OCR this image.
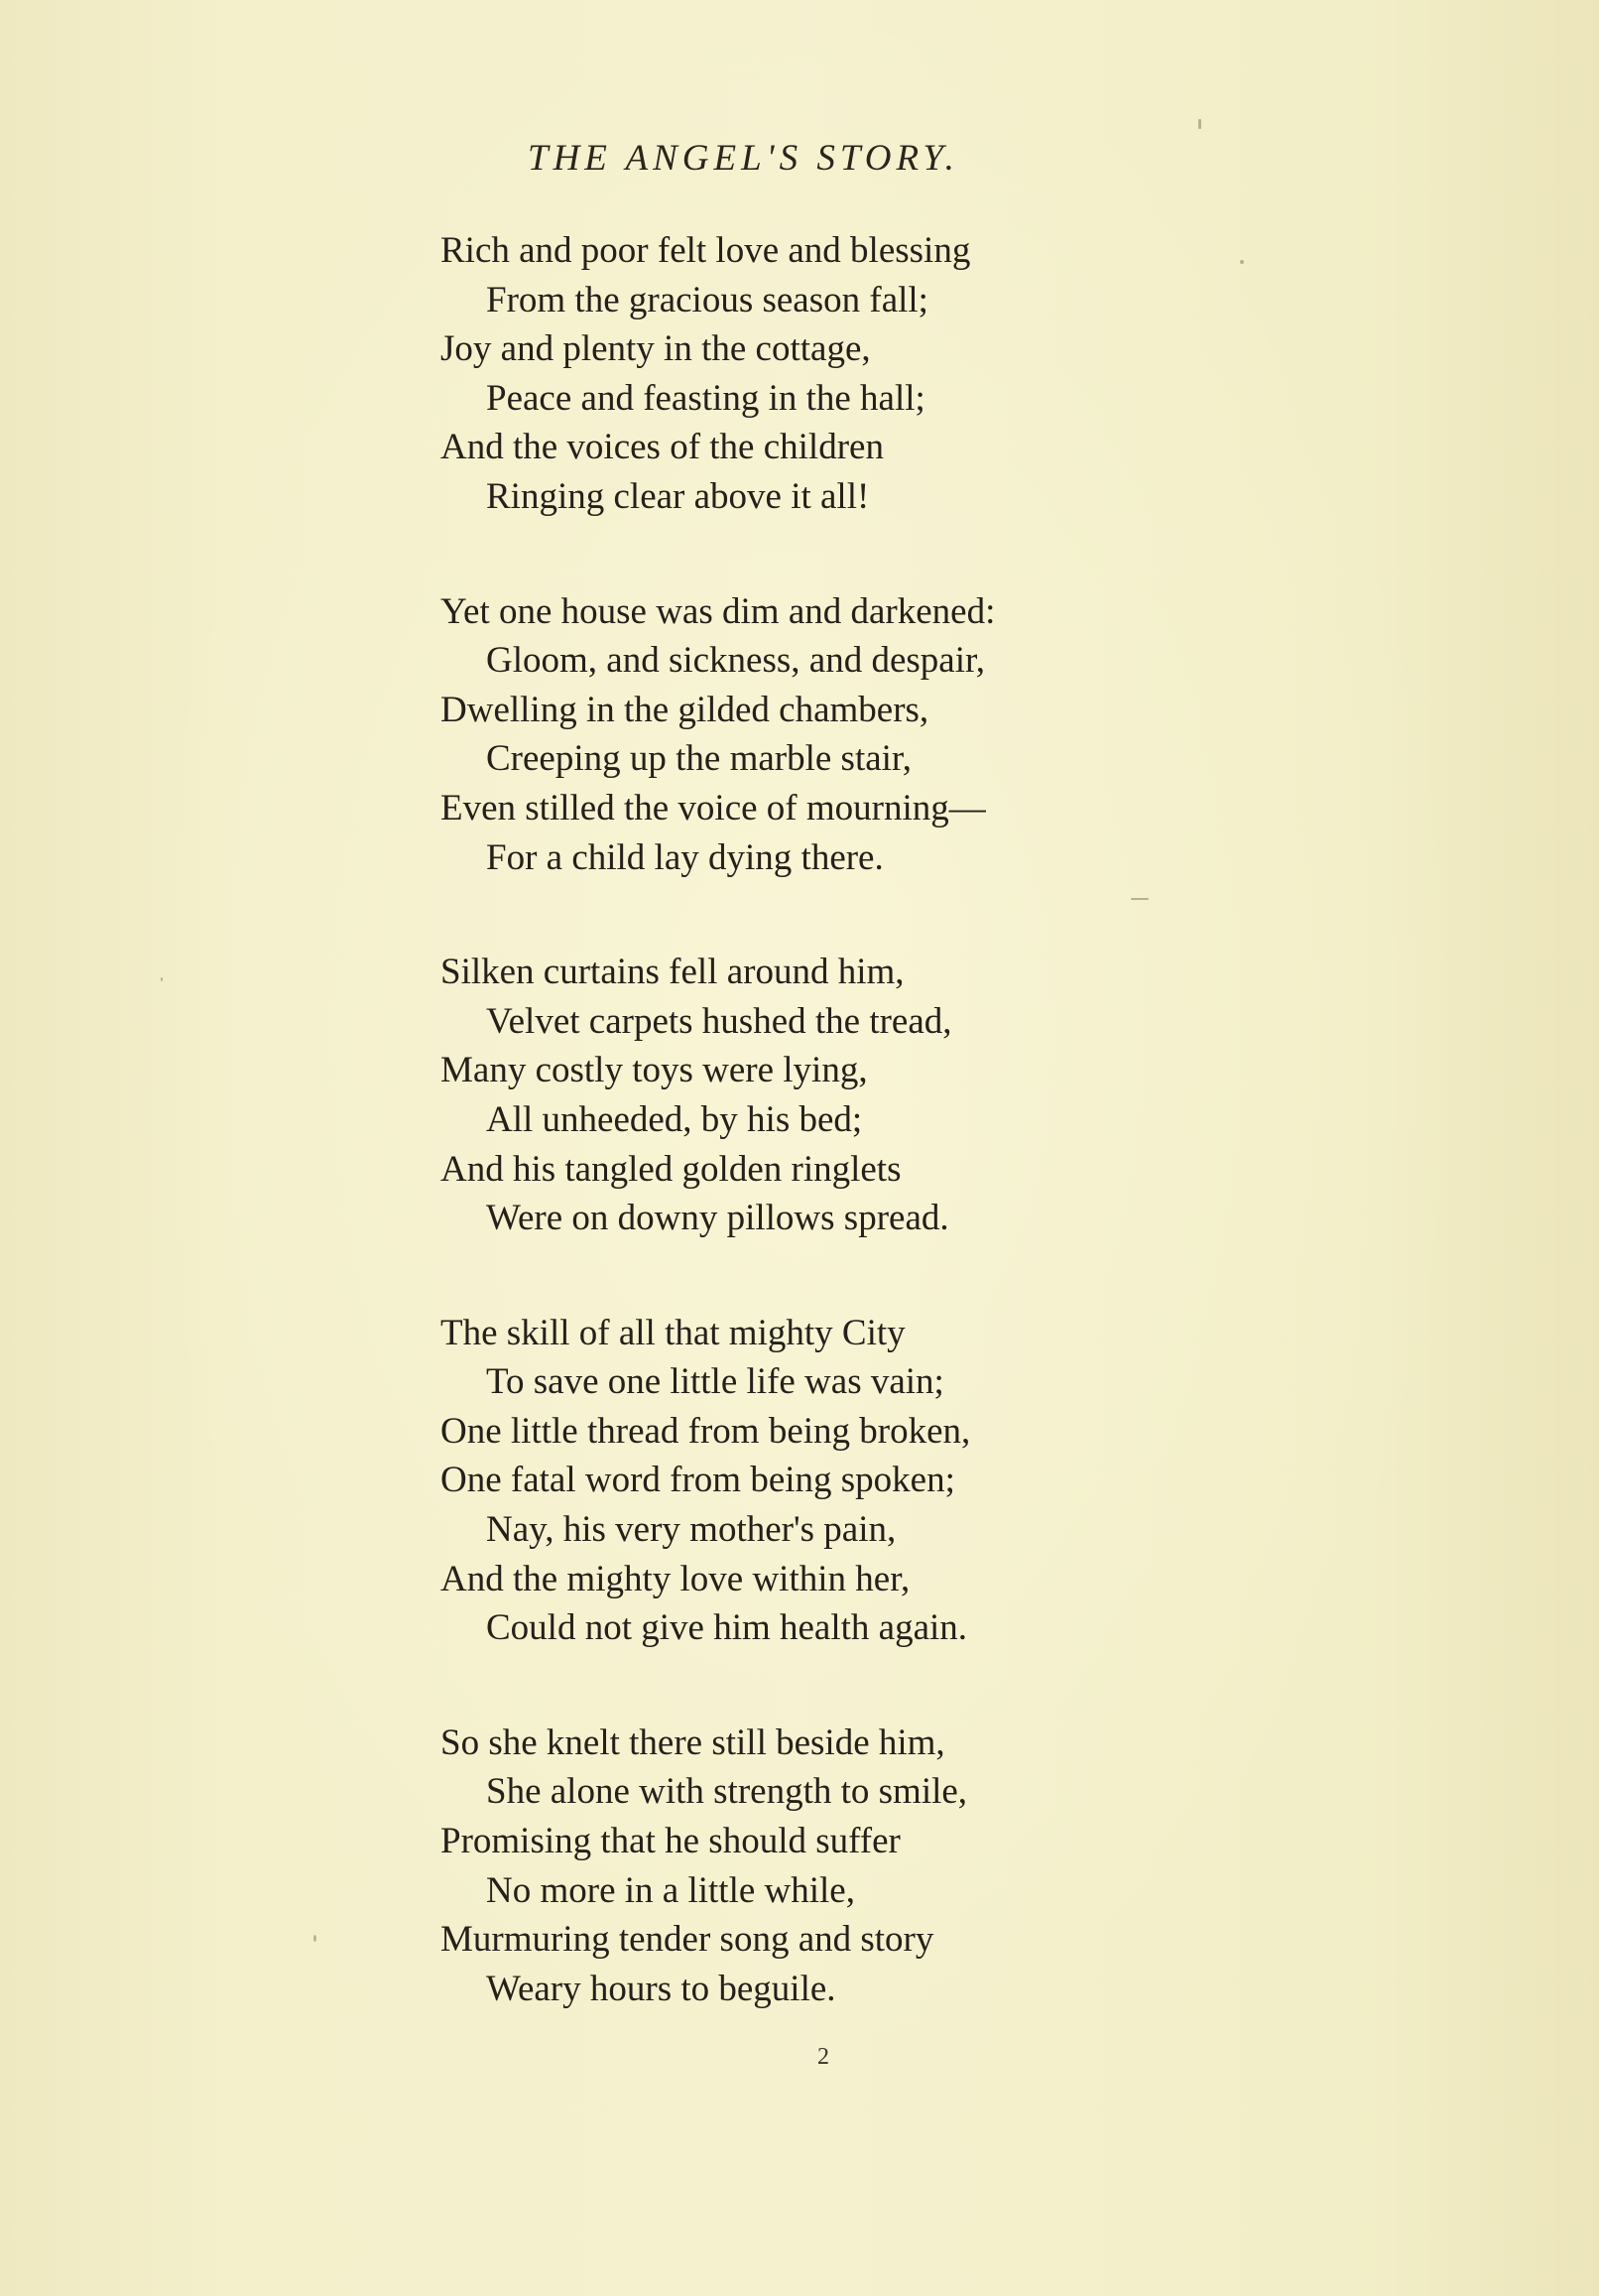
THE ANGEL'S STORY.
Rich and poor felt love and blessing
From the gracious season fall;
Joy and plenty in the cottage,
Peace and feasting in the hall;
And the voices of the children
Ringing clear above it all!
Yet one house was dim and darkened:
Gloom, and sickness, and despair,
Dwelling in the gilded chambers,
Creeping up the marble stair,
Even stilled the voice of mourning—
For a child lay dying there.
Silken curtains fell around him,
Velvet carpets hushed the tread,
Many costly toys were lying,
All unheeded, by his bed;
And his tangled golden ringlets
Were on downy pillows spread.
The skill of all that mighty City
To save one little life was vain;
One little thread from being broken,
One fatal word from being spoken;
Nay, his very mother's pain,
And the mighty love within her,
Could not give him health again.
So she knelt there still beside him,
She alone with strength to smile,
Promising that he should suffer
No more in a little while,
Murmuring tender song and story
Weary hours to beguile.
2
